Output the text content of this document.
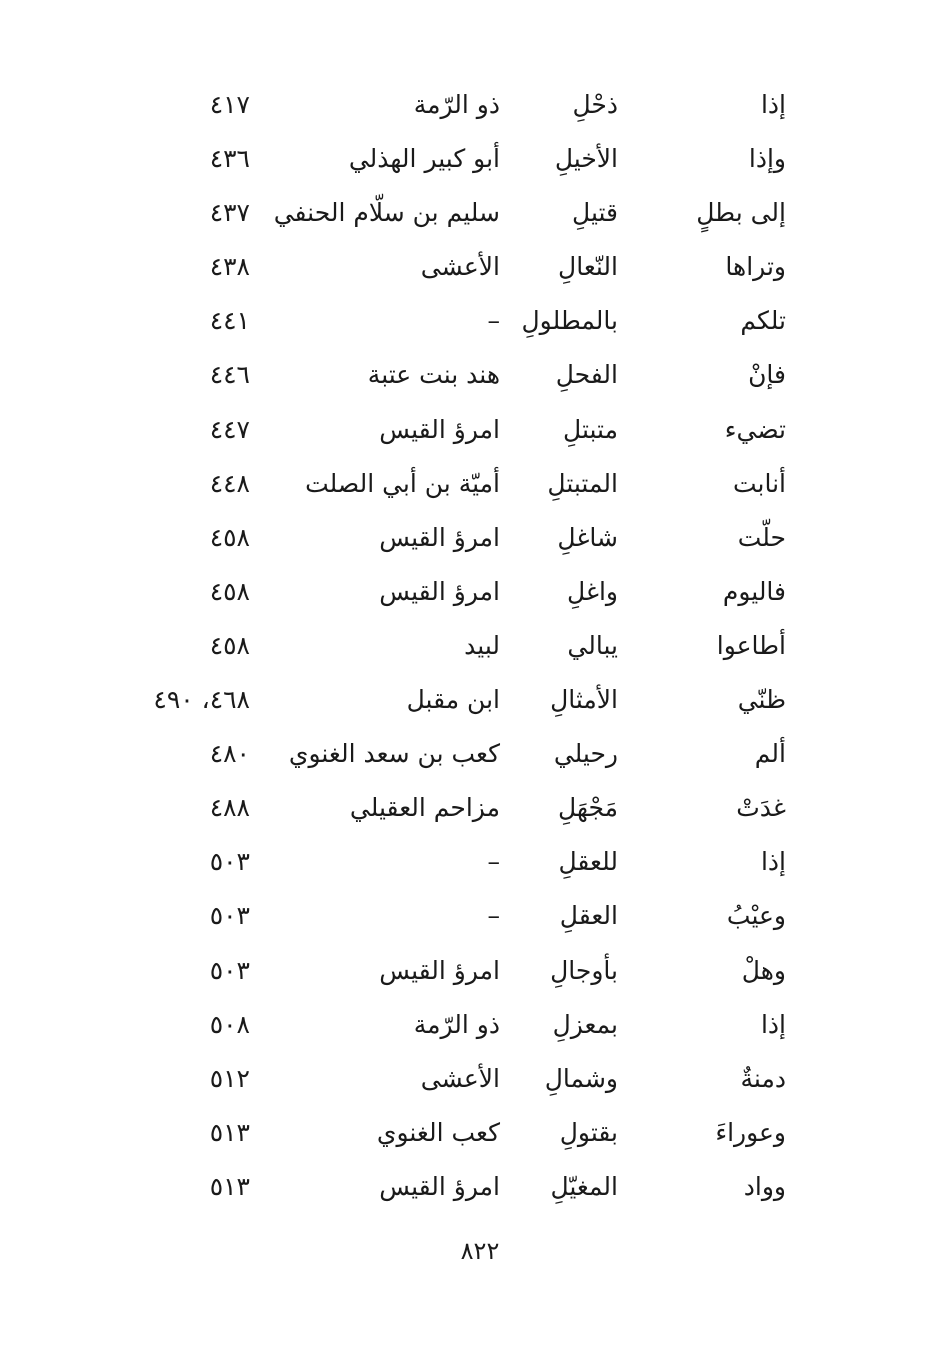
إذا
ذحْلِ
ذو الرّمة
٤١٧
وإذا
الأخيلِ
أبو كبير الهذلي
٤٣٦
إلى بطلٍ
قتيلِ
سليم بن سلّام الحنفي
٤٣٧
وتراها
النّعالِ
الأعشى
٤٣٨
تلكم
بالمطلولِ
–
٤٤١
فإنْ
الفحلِ
هند بنت عتبة
٤٤٦
تضيء
متبتلِ
امرؤ القيس
٤٤٧
أنابت
المتبتلِ
أميّة بن أبي الصلت
٤٤٨
حلّت
شاغلِ
امرؤ القيس
٤٥٨
فاليوم
واغلِ
امرؤ القيس
٤٥٨
أطاعوا
يبالي
لبيد
٤٥٨
ظنّي
الأمثالِ
ابن مقبل
٤٦٨، ٤٩٠
ألم
رحيلي
كعب بن سعد الغنوي
٤٨٠
غدَتْ
مَجْهَلِ
مزاحم العقيلي
٤٨٨
إذا
للعقلِ
–
٥٠٣
وعيْبُ
العقلِ
–
٥٠٣
وهلْ
بأوجالِ
امرؤ القيس
٥٠٣
إذا
بمعزلِ
ذو الرّمة
٥٠٨
دمنةٌ
وشمالِ
الأعشى
٥١٢
وعوراءَ
بقتولِ
كعب الغنوي
٥١٣
وواد
المغيّلِ
امرؤ القيس
٥١٣
٨٢٢
